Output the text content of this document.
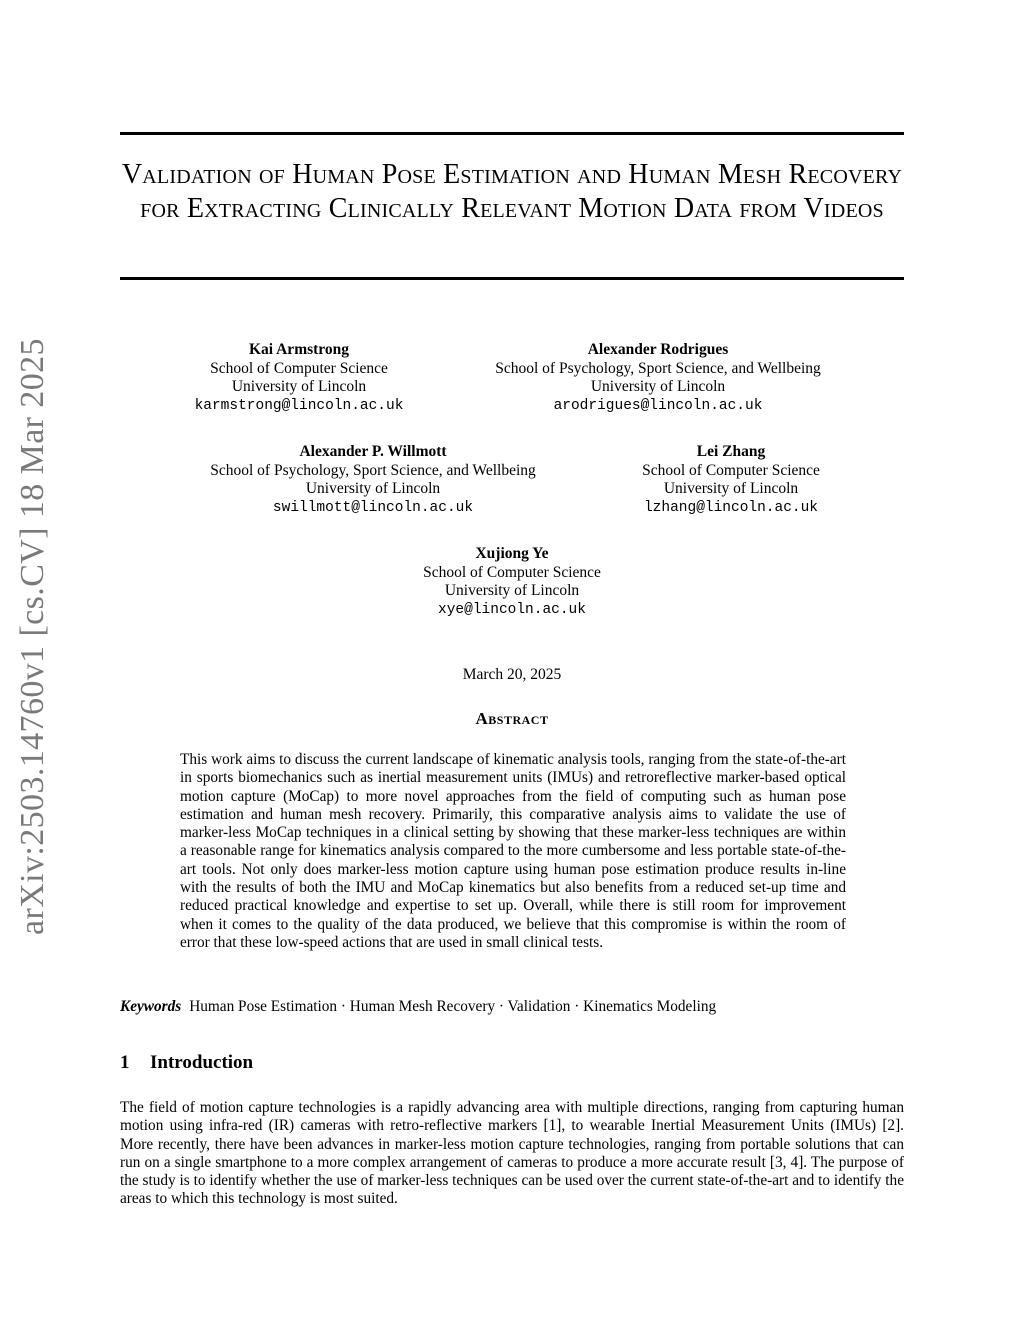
arXiv:2503.14760v1 [cs.CV] 18 Mar 2025
Validation of Human Pose Estimation and Human Mesh Recovery for Extracting Clinically Relevant Motion Data from Videos
Kai Armstrong
School of Computer Science
University of Lincoln
karmstrong@lincoln.ac.uk
Alexander Rodrigues
School of Psychology, Sport Science, and Wellbeing
University of Lincoln
arodrigues@lincoln.ac.uk
Alexander P. Willmott
School of Psychology, Sport Science, and Wellbeing
University of Lincoln
swillmott@lincoln.ac.uk
Lei Zhang
School of Computer Science
University of Lincoln
lzhang@lincoln.ac.uk
Xujiong Ye
School of Computer Science
University of Lincoln
xye@lincoln.ac.uk
March 20, 2025
Abstract
This work aims to discuss the current landscape of kinematic analysis tools, ranging from the state-of-the-art in sports biomechanics such as inertial measurement units (IMUs) and retroreflective marker-based optical motion capture (MoCap) to more novel approaches from the field of computing such as human pose estimation and human mesh recovery. Primarily, this comparative analysis aims to validate the use of marker-less MoCap techniques in a clinical setting by showing that these marker-less techniques are within a reasonable range for kinematics analysis compared to the more cumbersome and less portable state-of-the-art tools. Not only does marker-less motion capture using human pose estimation produce results in-line with the results of both the IMU and MoCap kinematics but also benefits from a reduced set-up time and reduced practical knowledge and expertise to set up. Overall, while there is still room for improvement when it comes to the quality of the data produced, we believe that this compromise is within the room of error that these low-speed actions that are used in small clinical tests.
Keywords Human Pose Estimation · Human Mesh Recovery · Validation · Kinematics Modeling
1 Introduction
The field of motion capture technologies is a rapidly advancing area with multiple directions, ranging from capturing human motion using infra-red (IR) cameras with retro-reflective markers [1], to wearable Inertial Measurement Units (IMUs) [2]. More recently, there have been advances in marker-less motion capture technologies, ranging from portable solutions that can run on a single smartphone to a more complex arrangement of cameras to produce a more accurate result [3, 4]. The purpose of the study is to identify whether the use of marker-less techniques can be used over the current state-of-the-art and to identify the areas to which this technology is most suited.
